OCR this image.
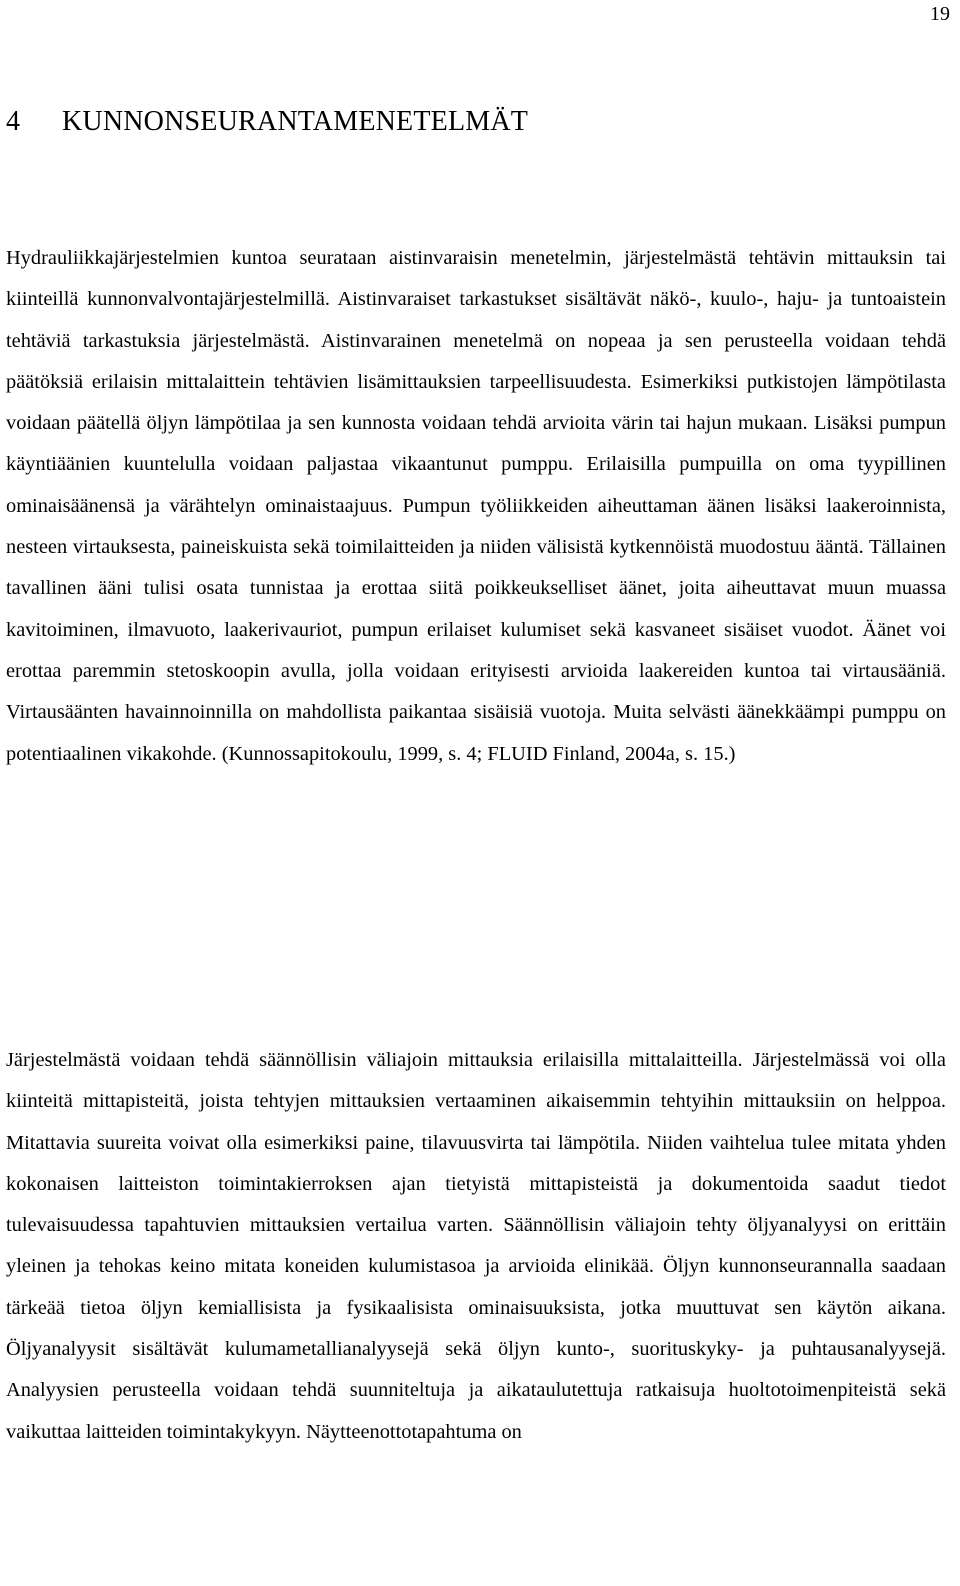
19
4 KUNNONSEURANTAMENETELMÄT

Hydrauliikkajärjestelmien kuntoa seurataan aistinvaraisin menetelmin, järjestelmästä tehtävin mittauksin tai kiinteillä kunnonvalvontajärjestelmillä. Aistinvaraiset tarkastukset sisältävät näkö-, kuulo-, haju- ja tuntoaistein tehtäviä tarkastuksia järjestelmästä. Aistinvarainen menetelmä on nopeaa ja sen perusteella voidaan tehdä päätöksiä erilaisin mittalaittein tehtävien lisämittauksien tarpeellisuudesta. Esimerkiksi putkistojen lämpötilasta voidaan päätellä öljyn lämpötilaa ja sen kunnosta voidaan tehdä arvioita värin tai hajun mukaan. Lisäksi pumpun käyntiäänien kuuntelulla voidaan paljastaa vikaantunut pumppu. Erilaisilla pumpuilla on oma tyypillinen ominaisäänensä ja värähtelyn ominaistaajuus. Pumpun työliikkeiden aiheuttaman äänen lisäksi laakeroinnista, nesteen virtauksesta, paineiskuista sekä toimilaitteiden ja niiden välisistä kytkennöistä muodostuu ääntä. Tällainen tavallinen ääni tulisi osata tunnistaa ja erottaa siitä poikkeukselliset äänet, joita aiheuttavat muun muassa kavitoiminen, ilmavuoto, laakerivauriot, pumpun erilaiset kulumiset sekä kasvaneet sisäiset vuodot. Äänet voi erottaa paremmin stetoskoopin avulla, jolla voidaan erityisesti arvioida laakereiden kuntoa tai virtausääniä. Virtausäänten havainnoinnilla on mahdollista paikantaa sisäisiä vuotoja. Muita selvästi äänekkäämpi pumppu on potentiaalinen vikakohde. (Kunnossapitokoulu, 1999, s. 4; FLUID Finland, 2004a, s. 15.)

Järjestelmästä voidaan tehdä säännöllisin väliajoin mittauksia erilaisilla mittalaitteilla. Järjestelmässä voi olla kiinteitä mittapisteitä, joista tehtyjen mittauksien vertaaminen aikaisemmin tehtyihin mittauksiin on helppoa. Mitattavia suureita voivat olla esimerkiksi paine, tilavuusvirta tai lämpötila. Niiden vaihtelua tulee mitata yhden kokonaisen laitteiston toimintakierroksen ajan tietyistä mittapisteistä ja dokumentoida saadut tiedot tulevaisuudessa tapahtuvien mittauksien vertailua varten. Säännöllisin väliajoin tehty öljyanalyysi on erittäin yleinen ja tehokas keino mitata koneiden kulumistasoa ja arvioida elinikää. Öljyn kunnonseurannalla saadaan tärkeää tietoa öljyn kemiallisista ja fysikaalisista ominaisuuksista, jotka muuttuvat sen käytön aikana. Öljyanalyysit sisältävät kulumametallianalyysejä sekä öljyn kunto-, suorituskyky- ja puhtausanalyysejä. Analyysien perusteella voidaan tehdä suunniteltuja ja aikataulutettuja ratkaisuja huoltotoimenpiteistä sekä vaikuttaa laitteiden toimintakykyyn. Näytteenottotapahtuma on
